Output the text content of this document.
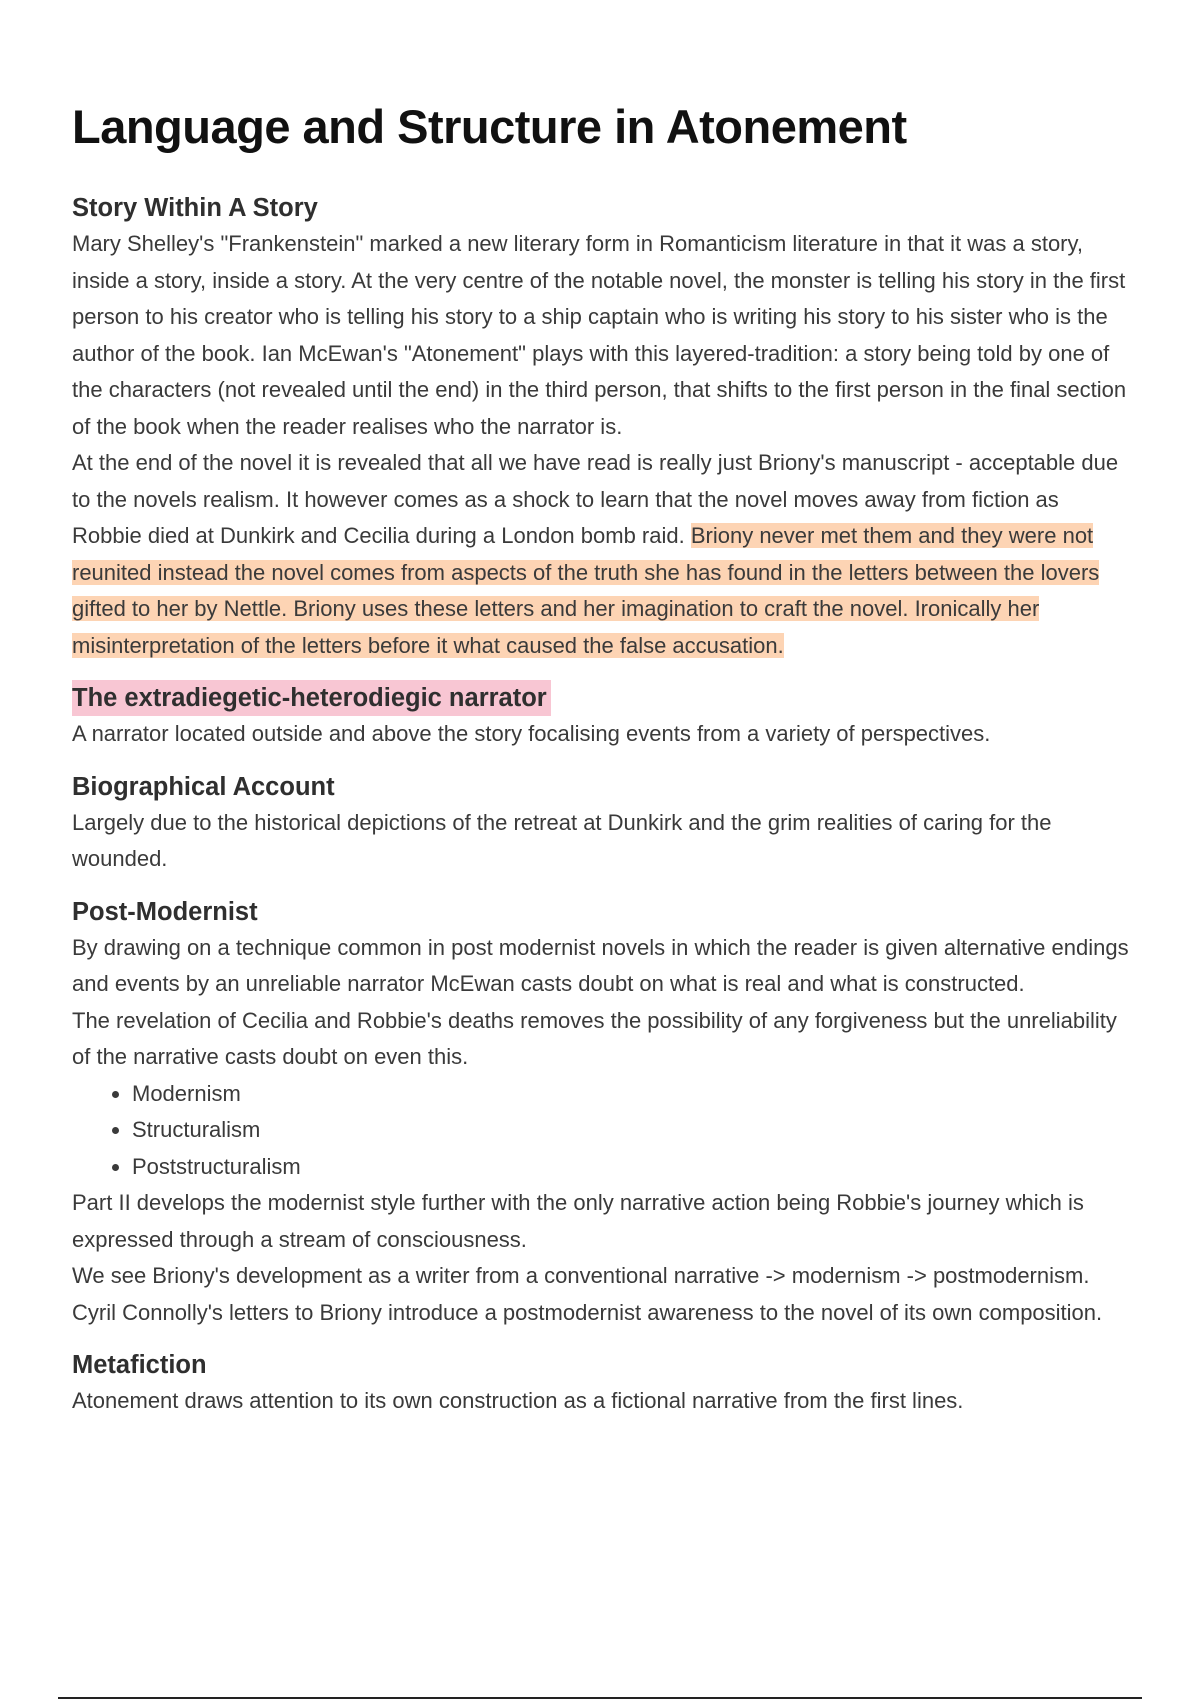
Language and Structure in Atonement
Story Within A Story

Mary Shelley's "Frankenstein" marked a new literary form in Romanticism literature in that it was a story, inside a story, inside a story. At the very centre of the notable novel, the monster is telling his story in the first person to his creator who is telling his story to a ship captain who is writing his story to his sister who is the author of the book. Ian McEwan's "Atonement" plays with this layered-tradition: a story being told by one of the characters (not revealed until the end) in the third person, that shifts to the first person in the final section of the book when the reader realises who the narrator is.

At the end of the novel it is revealed that all we have read is really just Briony's manuscript - acceptable due to the novels realism. It however comes as a shock to learn that the novel moves away from fiction as Robbie died at Dunkirk and Cecilia during a London bomb raid. Briony never met them and they were not reunited instead the novel comes from aspects of the truth she has found in the letters between the lovers gifted to her by Nettle. Briony uses these letters and her imagination to craft the novel. Ironically her misinterpretation of the letters before it what caused the false accusation.

The extradiegetic-heterodiegic narrator

A narrator located outside and above the story focalising events from a variety of perspectives.

Biographical Account

Largely due to the historical depictions of the retreat at Dunkirk and the grim realities of caring for the wounded.

Post-Modernist

By drawing on a technique common in post modernist novels in which the reader is given alternative endings and events by an unreliable narrator McEwan casts doubt on what is real and what is constructed.

The revelation of Cecilia and Robbie's deaths removes the possibility of any forgiveness but the unreliability of the narrative casts doubt on even this.

• Modernism
• Structuralism
• Poststructuralism

Part II develops the modernist style further with the only narrative action being Robbie's journey which is expressed through a stream of consciousness.

We see Briony's development as a writer from a conventional narrative -> modernism -> postmodernism.

Cyril Connolly's letters to Briony introduce a postmodernist awareness to the novel of its own composition.

Metafiction

Atonement draws attention to its own construction as a fictional narrative from the first lines.
